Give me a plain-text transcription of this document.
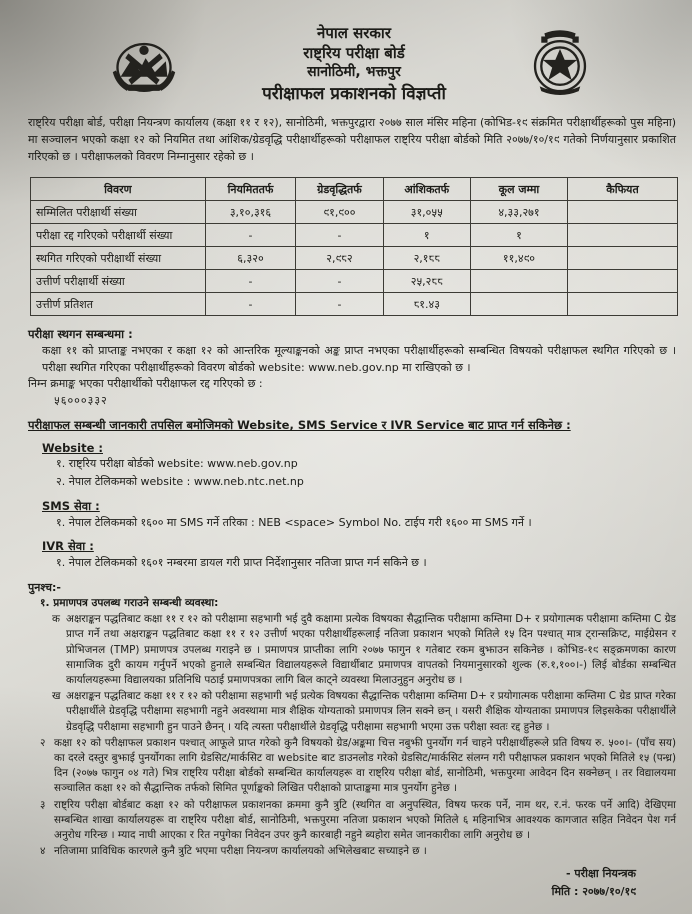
नेपाल सरकार
राष्ट्रिय परीक्षा बोर्ड
सानोठिमी, भक्तपुर
परीक्षाफल प्रकाशनको विज्ञप्ती

राष्ट्रिय परीक्षा बोर्ड, परीक्षा नियन्त्रण कार्यालय (कक्षा ११ र १२), सानोठिमी, भक्तपुरद्वारा २०७७ साल मंसिर महिना (कोभिड-१९ संक्रमित परीक्षार्थीहरूको पुस महिना) मा सञ्चालन भएको कक्षा १२ को नियमित तथा आंशिक/ग्रेडवृद्धि परीक्षार्थीहरूको परीक्षाफल राष्ट्रिय परीक्षा बोर्डको मिति २०७७/१०/१९ गतेको निर्णयानुसार प्रकाशित गरिएको छ । परीक्षाफलको विवरण निम्नानुसार रहेको छ ।

विवरण	नियमिततर्फ	ग्रेडवृद्धितर्फ	आंशिकतर्फ	कूल जम्मा	कैफियत
सम्मिलित परीक्षार्थी संख्या	३,१०,३१६	९१,९००	३१,०५५	४,३३,२७१	
परीक्षा रद्द गरिएको परीक्षार्थी संख्या	-	-	१	१	
स्थगित गरिएको परीक्षार्थी संख्या	६,३२०	२,९८२	२,१८८	११,४९०	
उत्तीर्ण परीक्षार्थी संख्या	-	-	२५,२८८		
उत्तीर्ण प्रतिशत	-	-	८१.४३		
परीक्षा स्थगन सम्बन्धमा :
कक्षा ११ को प्राप्ताङ्क नभएका र कक्षा १२ को आन्तरिक मूल्याङ्कनको अङ्क प्राप्त नभएका परीक्षार्थीहरूको सम्बन्धित विषयको परीक्षाफल स्थगित गरिएको छ । परीक्षा स्थगित गरिएका परीक्षार्थीहरूको विवरण बोर्डको website: www.neb.gov.np मा राखिएको छ ।
निम्न क्रमाङ्क भएका परीक्षार्थीको परीक्षाफल रद्द गरिएको छ :
५६०००३३२
परीक्षाफल सम्बन्धी जानकारी तपसिल बमोजिमको Website, SMS Service र IVR Service बाट प्राप्त गर्न सकिनेछ :
Website :
१. राष्ट्रिय परीक्षा बोर्डको website: www.neb.gov.np
२. नेपाल टेलिकमको website : www.neb.ntc.net.np
SMS सेवा :
१. नेपाल टेलिकमको १६०० मा SMS गर्ने तरिका : NEB <space> Symbol No. टाईप गरी १६०० मा SMS गर्ने ।
IVR सेवा :
१. नेपाल टेलिकमको १६०१ नम्बरमा डायल गरी प्राप्त निर्देशानुसार नतिजा प्राप्त गर्न सकिने छ ।
पुनश्च:-
१. प्रमाणपत्र उपलब्ध गराउने सम्बन्धी व्यवस्था:
क अक्षराङ्कन पद्धतिबाट कक्षा ११ र १२ को परीक्षामा सहभागी भई दुवै कक्षामा प्रत्येक विषयका सैद्धान्तिक परीक्षामा कम्तिमा D+ र प्रयोगात्मक परीक्षामा कम्तिमा C ग्रेड प्राप्त गर्ने तथा अक्षराङ्कन पद्धतिबाट कक्षा ११ र १२ उत्तीर्ण भएका परीक्षार्थीहरूलाई नतिजा प्रकाशन भएको मितिले १५ दिन पश्चात् मात्र ट्रान्सक्रिप्ट, माईग्रेसन र प्रोभिजनल (TMP) प्रमाणपत्र उपलब्ध गराइने छ । प्रमाणपत्र प्राप्तीका लागि २०७७ फागुन १ गतेबाट रकम बुझाउन सकिनेछ । कोभिड-१९ सङ्क्रमणका कारण सामाजिक दुरी कायम गर्नुपर्ने भएको हुनाले सम्बन्धित विद्यालयहरूले विद्यार्थीबाट प्रमाणपत्र वापतको नियमानुसारको शुल्क (रु.१,१००।-) लिई बोर्डका सम्बन्धित कार्यालयहरूमा विद्यालयका प्रतिनिधि पठाई प्रमाणपत्रका लागि बिल काट्ने व्यवस्था मिलाउनुहुन अनुरोध छ ।
ख अक्षराङ्कन पद्धतिबाट कक्षा ११ र १२ को परीक्षामा सहभागी भई प्रत्येक विषयका सैद्धान्तिक परीक्षामा कम्तिमा D+ र प्रयोगात्मक परीक्षामा कम्तिमा C ग्रेड प्राप्त गरेका परीक्षार्थीले ग्रेडवृद्धि परीक्षामा सहभागी नहुने अवस्थामा मात्र शैक्षिक योग्यताको प्रमाणपत्र लिन सक्ने छन् । यसरी शैक्षिक योग्यताका प्रमाणपत्र लिइसकेका परीक्षार्थीले ग्रेडवृद्धि परीक्षामा सहभागी हुन पाउने छैनन् । यदि त्यस्ता परीक्षार्थीले ग्रेडवृद्धि परीक्षामा सहभागी भएमा उक्त परीक्षा स्वतः रद्द हुनेछ ।
२ कक्षा १२ को परीक्षाफल प्रकाशन पश्चात् आफूले प्राप्त गरेको कुनै विषयको ग्रेड/अङ्कमा चित्त नबुझी पुनर्योग गर्न चाहने परीक्षार्थीहरूले प्रति विषय रु. ५००।- (पाँच सय) का दरले दस्तुर बुझाई पुनर्योगका लागि ग्रेडसिट/मार्कसिट वा website बाट डाउनलोड गरेको ग्रेडसिट/मार्कसिट संलग्न गरी परीक्षाफल प्रकाशन भएको मितिले १५ (पन्ध्र) दिन (२०७७ फागुन ०४ गते) भित्र राष्ट्रिय परीक्षा बोर्डको सम्बन्धित कार्यालयहरू वा राष्ट्रिय परीक्षा बोर्ड, सानोठिमी, भक्तपुरमा आवेदन दिन सक्नेछन् । तर विद्यालयमा सञ्चालित कक्षा १२ को सैद्धान्तिक तर्फको सिमित पूर्णाङ्कको लिखित परीक्षाको प्राप्ताङ्कमा मात्र पुनर्योग हुनेछ ।
३ राष्ट्रिय परीक्षा बोर्डबाट कक्षा १२ को परीक्षाफल प्रकाशनका क्रममा कुनै त्रुटि (स्थगित वा अनुपस्थित, विषय फरक पर्ने, नाम थर, र.नं. फरक पर्ने आदि) देखिएमा सम्बन्धित शाखा कार्यालयहरू वा राष्ट्रिय परीक्षा बोर्ड, सानोठिमी, भक्तपुरमा नतिजा प्रकाशन भएको मितिले ६ महिनाभित्र आवश्यक कागजात सहित निवेदन पेश गर्न अनुरोध गरिन्छ । म्याद नाघी आएका र रित नपुगेका निवेदन उपर कुनै कारबाही नहुने ब्यहोरा समेत जानकारीका लागि अनुरोध छ ।
४ नतिजामा प्राविधिक कारणले कुनै त्रुटि भएमा परीक्षा नियन्त्रण कार्यालयको अभिलेखबाट सच्याइने छ ।
- परीक्षा नियन्त्रक
मिति : २०७७/१०/१९
